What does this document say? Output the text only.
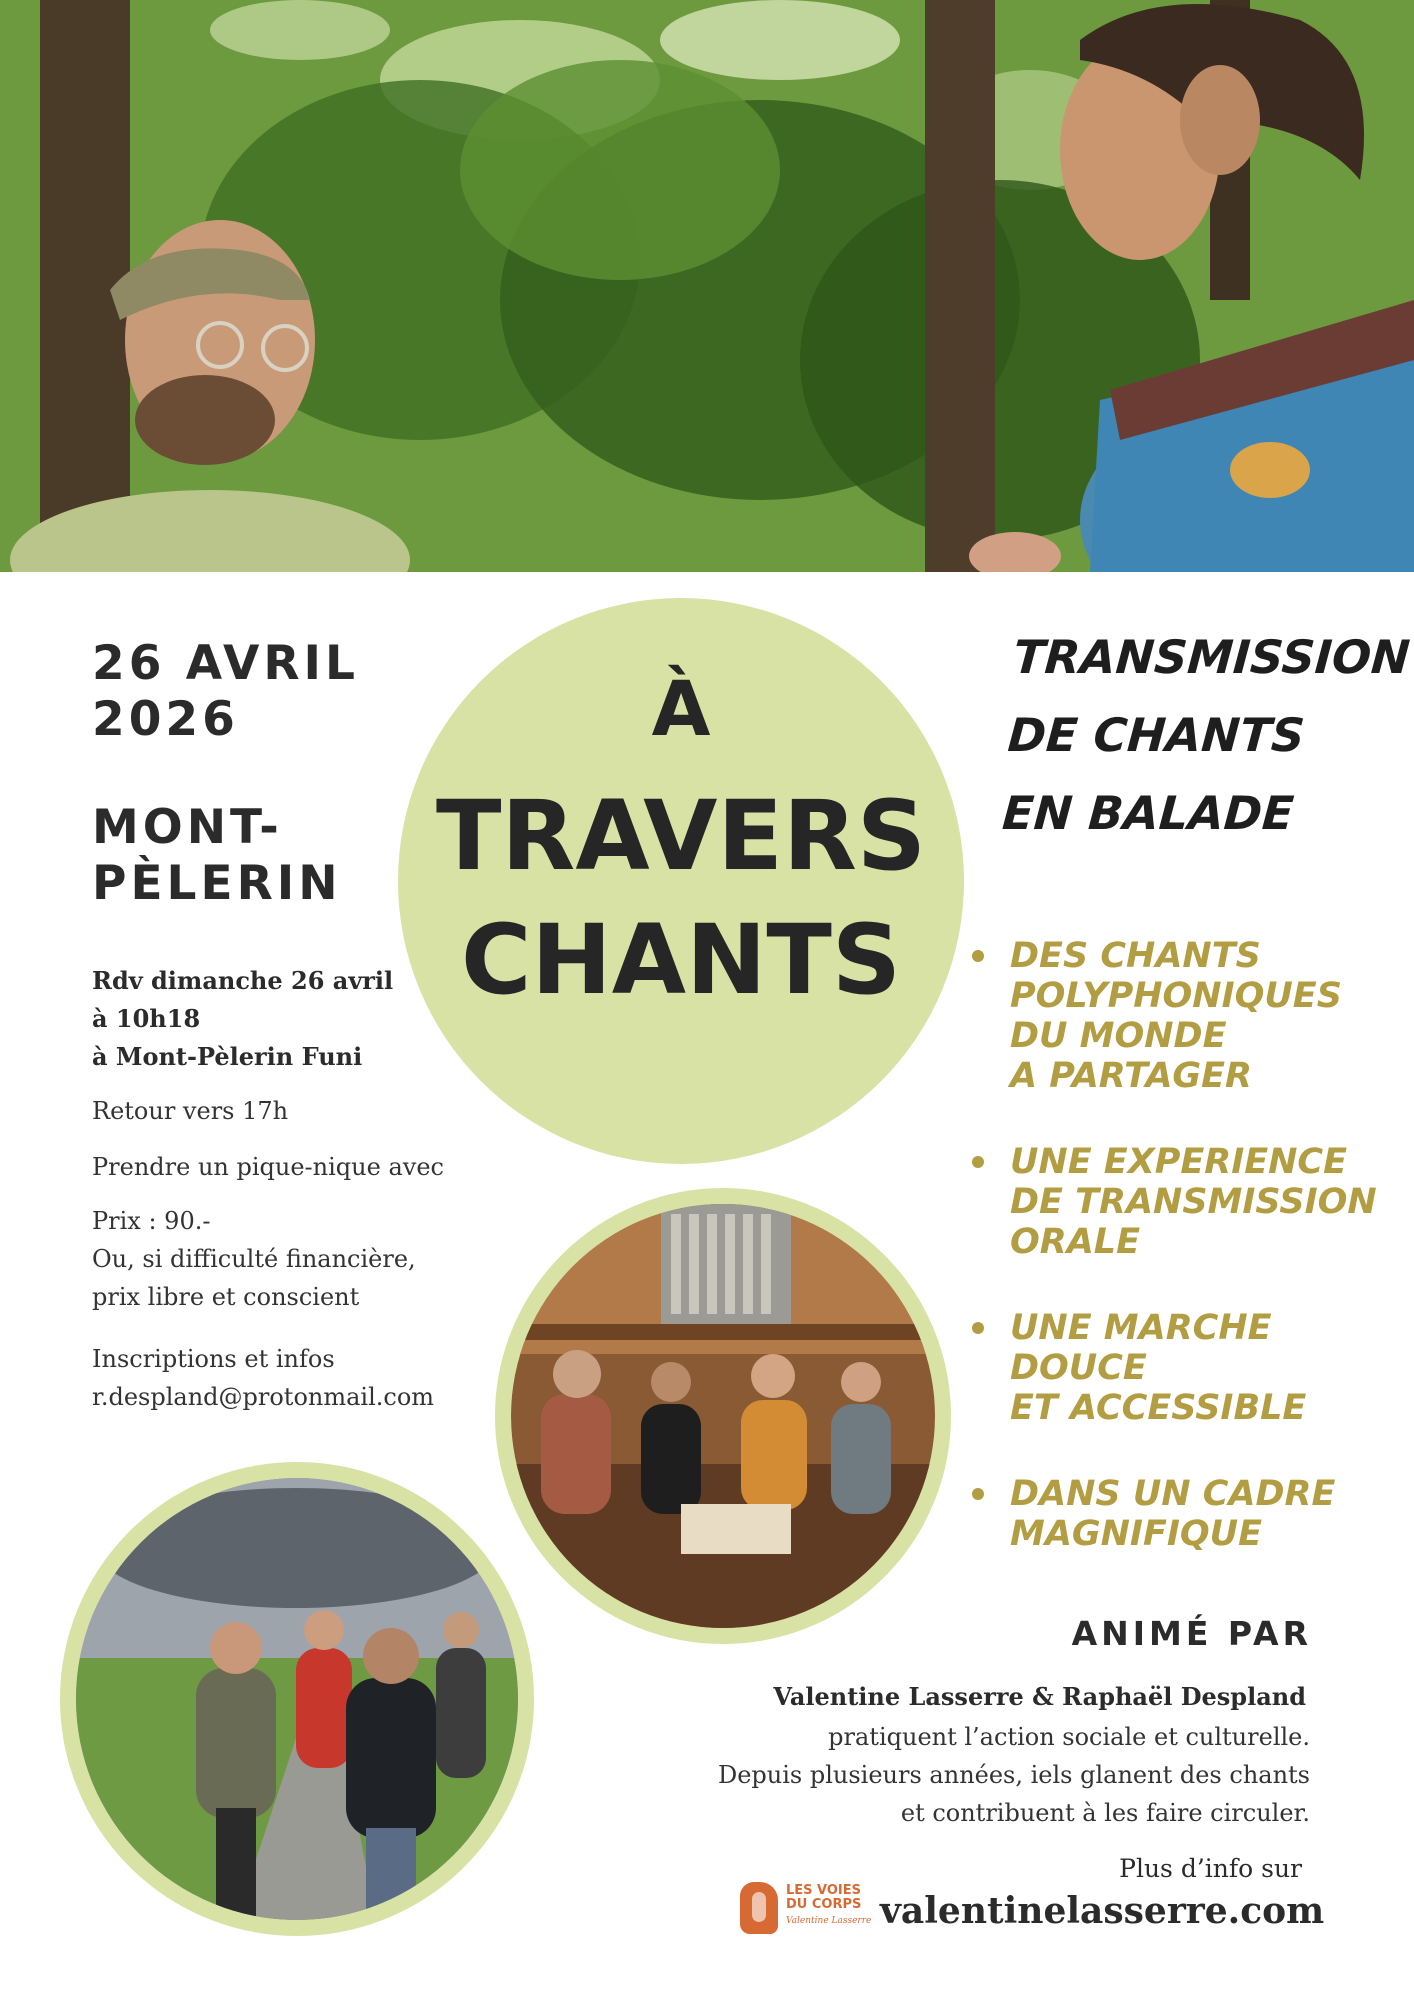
26 AVRIL 2026
MONT-PÈLERIN
Rdv dimanche 26 avril
à 10h18
à Mont-Pèlerin Funi
Retour vers 17h
Prendre un pique-nique avec
Prix : 90.-
Ou, si difficulté financière,
prix libre et conscient
Inscriptions et infos
r.despland@protonmail.com
À
TRAVERS
CHANTS
TRANSMISSION
DE CHANTS
EN BALADE
DES CHANTS
POLYPHONIQUES
DU MONDE
A PARTAGER
UNE EXPERIENCE
DE TRANSMISSION
ORALE
UNE MARCHE
DOUCE
ET ACCESSIBLE
DANS UN CADRE
MAGNIFIQUE
ANIMÉ PAR
Valentine Lasserre & Raphaël Despland
pratiquent l’action sociale et culturelle.
Depuis plusieurs années, iels glanent des chants
et contribuent à les faire circuler.
LES VOIES
DU CORPS
Valentine Lasserre
Plus d’info sur
valentinelasserre.com
